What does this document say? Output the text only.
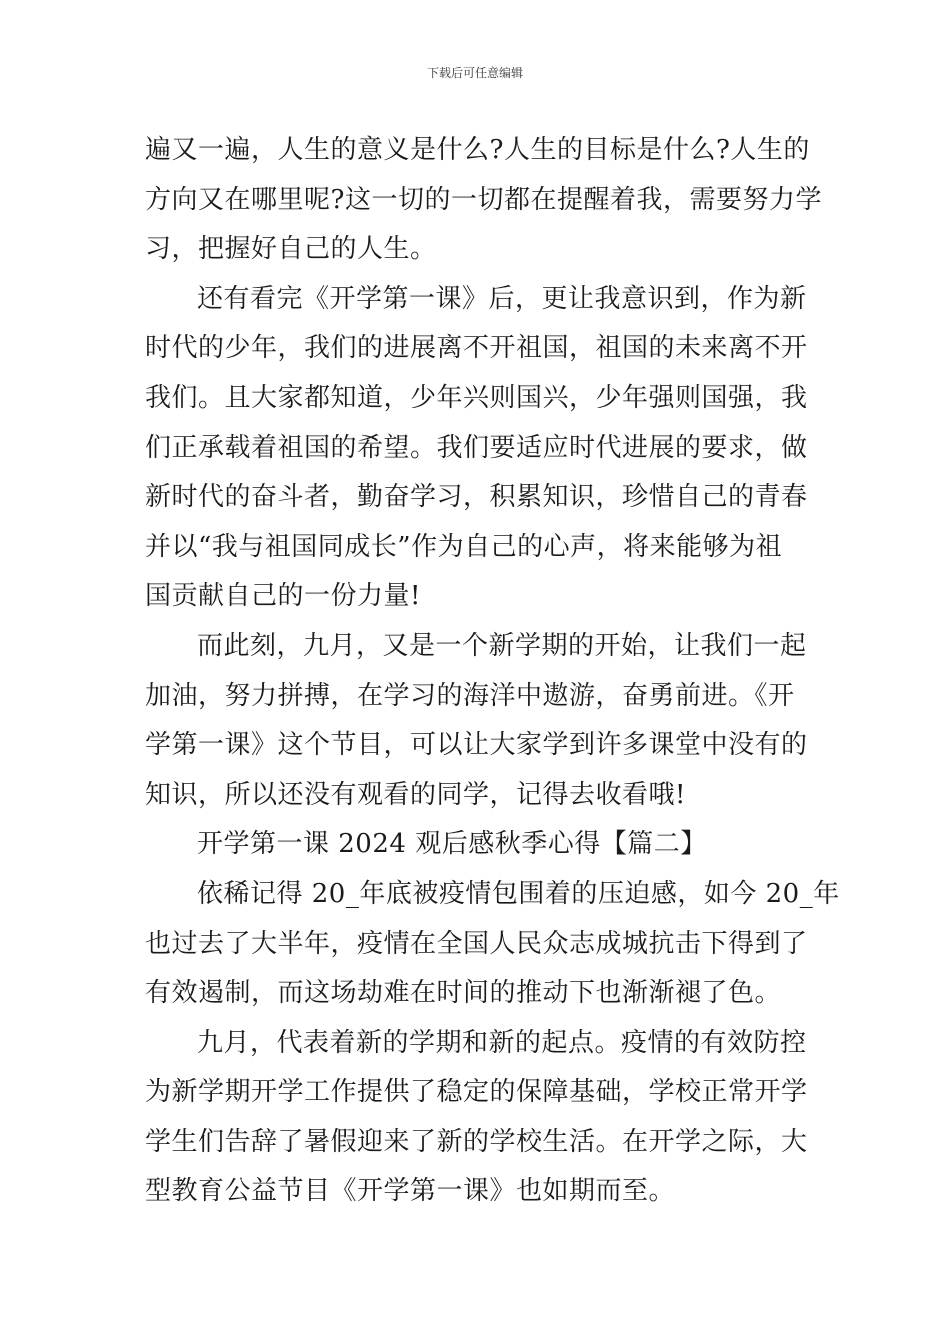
下载后可任意编辑
遍又一遍，人生的意义是什么?人生的目标是什么?人生的
方向又在哪里呢?这一切的一切都在提醒着我，需要努力学
习，把握好自己的人生。
还有看完《开学第一课》后，更让我意识到，作为新
时代的少年，我们的进展离不开祖国，祖国的未来离不开
我们。且大家都知道，少年兴则国兴，少年强则国强，我
们正承载着祖国的希望。我们要适应时代进展的要求，做
新时代的奋斗者，勤奋学习，积累知识，珍惜自己的青春
并以“我与祖国同成长”作为自己的心声，将来能够为祖
国贡献自己的一份力量!
而此刻，九月，又是一个新学期的开始，让我们一起
加油，努力拼搏，在学习的海洋中遨游，奋勇前进。《开
学第一课》这个节目，可以让大家学到许多课堂中没有的
知识，所以还没有观看的同学，记得去收看哦!
开学第一课 2024 观后感秋季心得【篇二】
依稀记得 20_年底被疫情包围着的压迫感，如今 20_年
也过去了大半年，疫情在全国人民众志成城抗击下得到了
有效遏制，而这场劫难在时间的推动下也渐渐褪了色。
九月，代表着新的学期和新的起点。疫情的有效防控
为新学期开学工作提供了稳定的保障基础，学校正常开学
学生们告辞了暑假迎来了新的学校生活。在开学之际，大
型教育公益节目《开学第一课》也如期而至。
